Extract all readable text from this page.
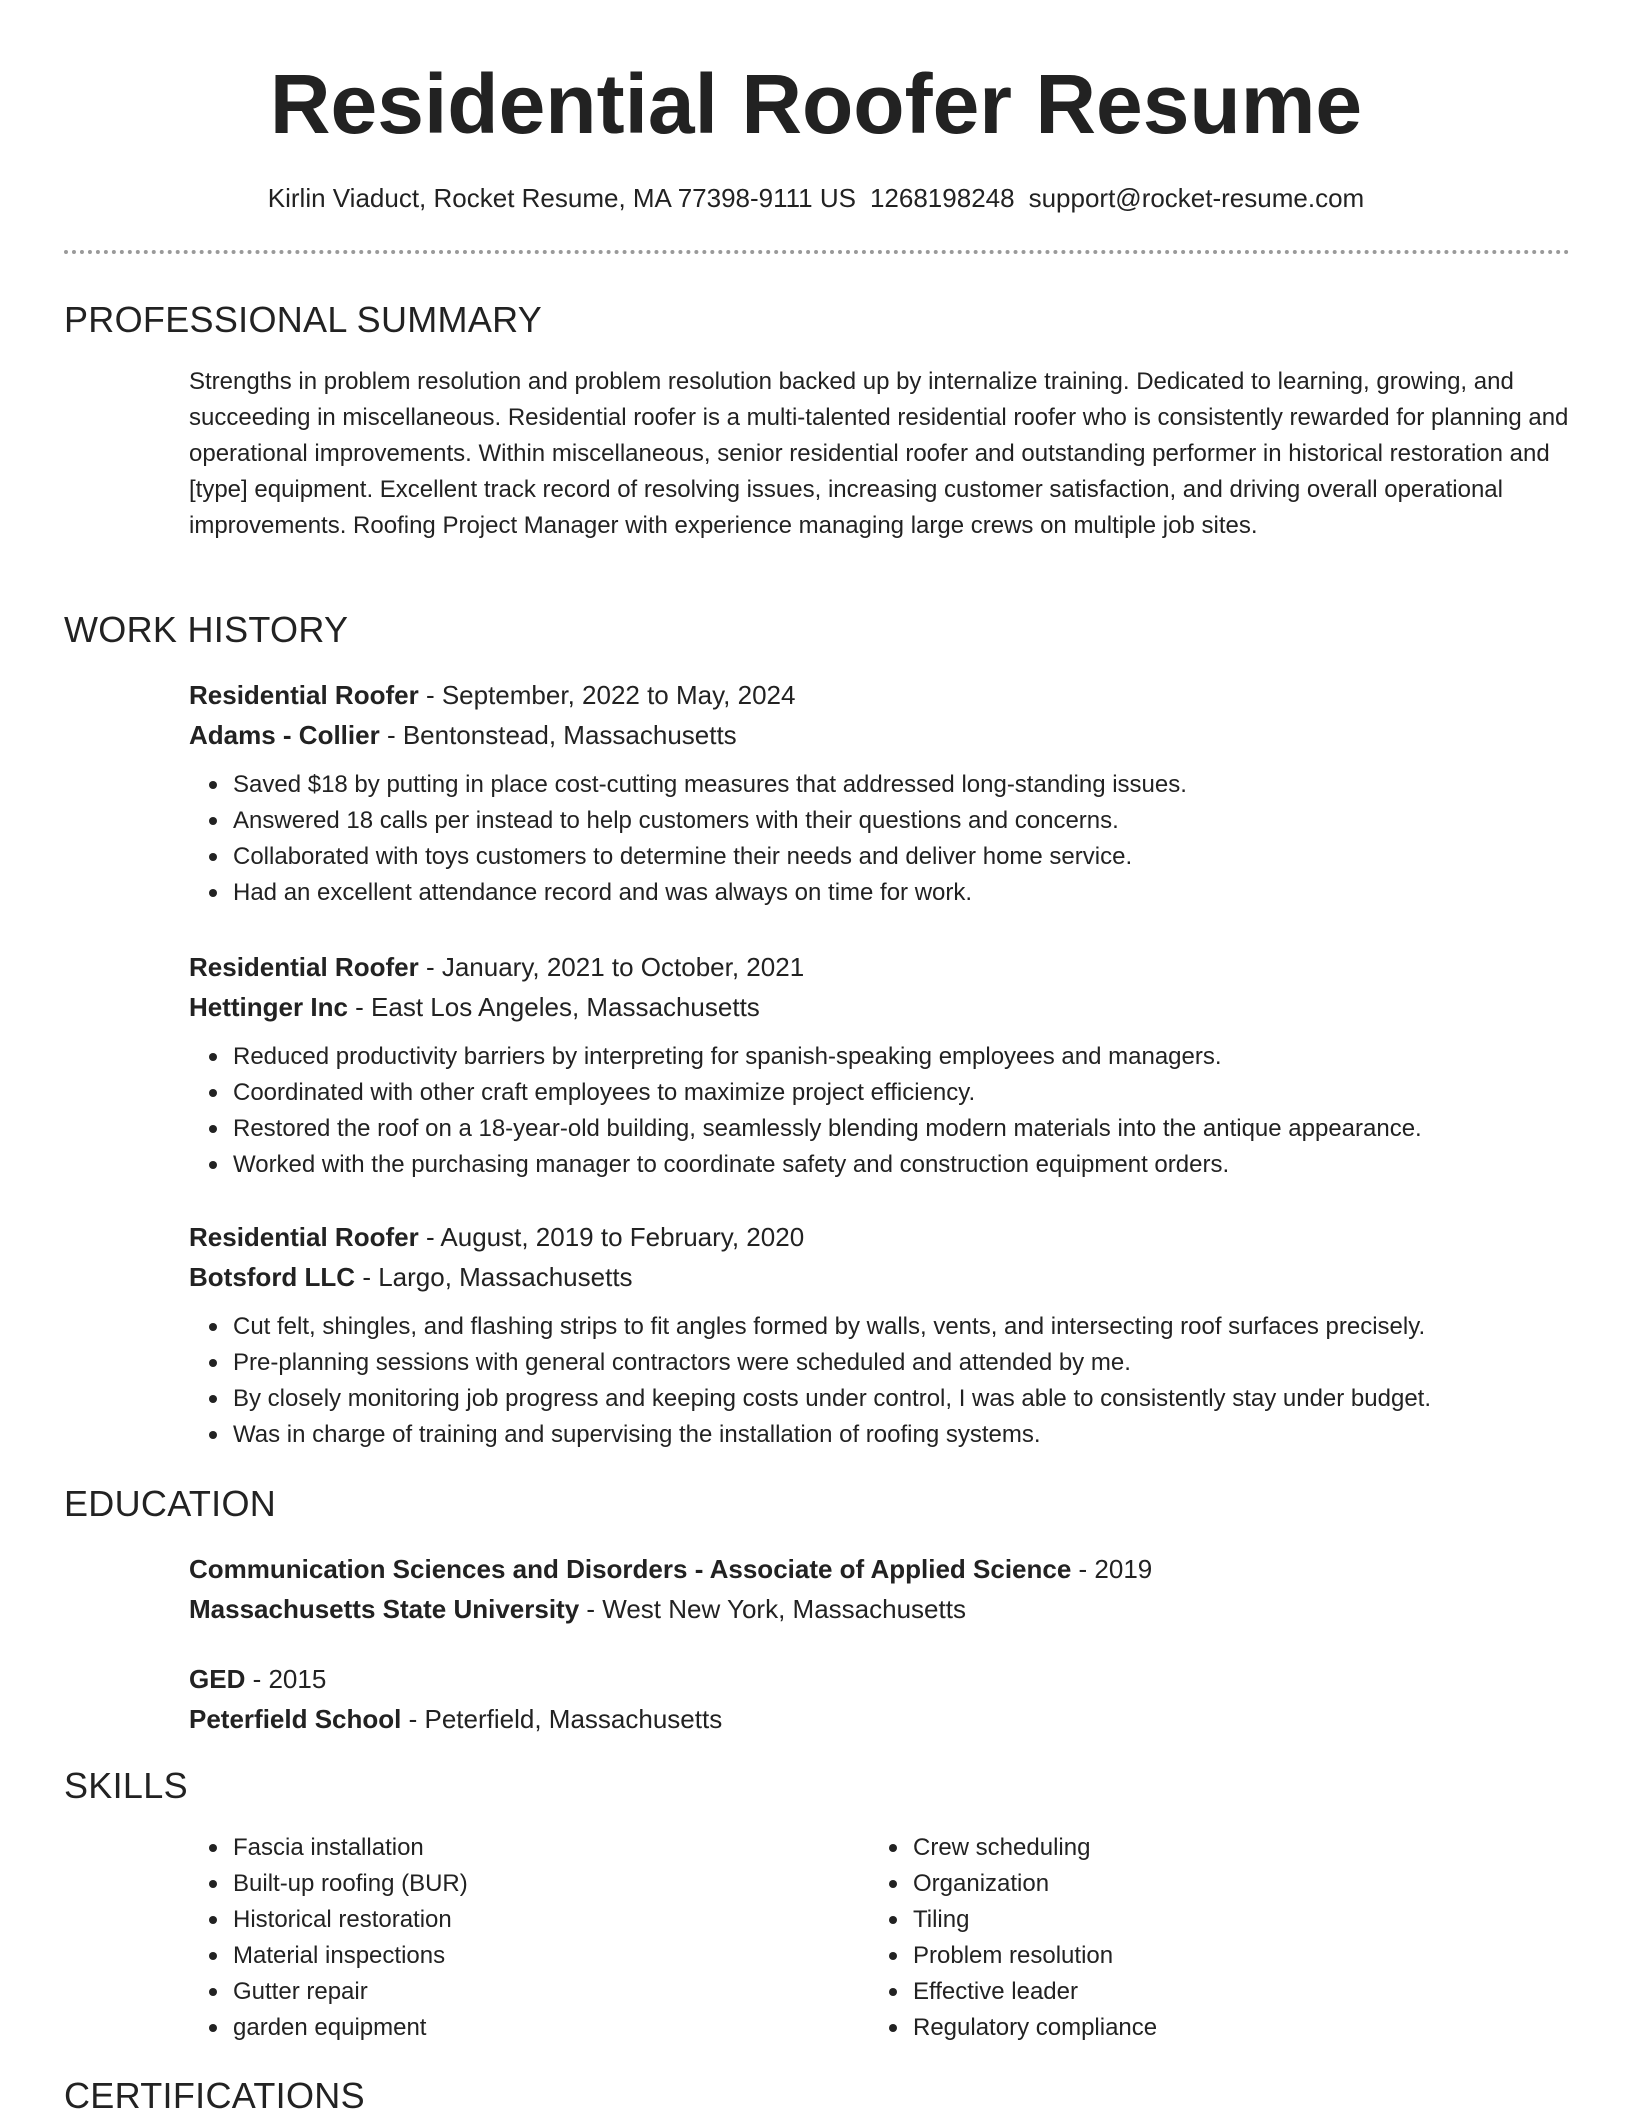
Residential Roofer Resume
Kirlin Viaduct, Rocket Resume, MA 77398-9111 US 1268198248 support@rocket-resume.com
PROFESSIONAL SUMMARY
Strengths in problem resolution and problem resolution backed up by internalize training. Dedicated to learning, growing, and succeeding in miscellaneous. Residential roofer is a multi-talented residential roofer who is consistently rewarded for planning and operational improvements. Within miscellaneous, senior residential roofer and outstanding performer in historical restoration and [type] equipment. Excellent track record of resolving issues, increasing customer satisfaction, and driving overall operational improvements. Roofing Project Manager with experience managing large crews on multiple job sites.
WORK HISTORY
Residential Roofer - September, 2022 to May, 2024
Adams - Collier - Bentonstead, Massachusetts
Saved $18 by putting in place cost-cutting measures that addressed long-standing issues.
Answered 18 calls per instead to help customers with their questions and concerns.
Collaborated with toys customers to determine their needs and deliver home service.
Had an excellent attendance record and was always on time for work.
Residential Roofer - January, 2021 to October, 2021
Hettinger Inc - East Los Angeles, Massachusetts
Reduced productivity barriers by interpreting for spanish-speaking employees and managers.
Coordinated with other craft employees to maximize project efficiency.
Restored the roof on a 18-year-old building, seamlessly blending modern materials into the antique appearance.
Worked with the purchasing manager to coordinate safety and construction equipment orders.
Residential Roofer - August, 2019 to February, 2020
Botsford LLC - Largo, Massachusetts
Cut felt, shingles, and flashing strips to fit angles formed by walls, vents, and intersecting roof surfaces precisely.
Pre-planning sessions with general contractors were scheduled and attended by me.
By closely monitoring job progress and keeping costs under control, I was able to consistently stay under budget.
Was in charge of training and supervising the installation of roofing systems.
EDUCATION
Communication Sciences and Disorders - Associate of Applied Science - 2019
Massachusetts State University - West New York, Massachusetts
GED - 2015
Peterfield School - Peterfield, Massachusetts
SKILLS
Fascia installation
Built-up roofing (BUR)
Historical restoration
Material inspections
Gutter repair
garden equipment
Crew scheduling
Organization
Tiling
Problem resolution
Effective leader
Regulatory compliance
CERTIFICATIONS
